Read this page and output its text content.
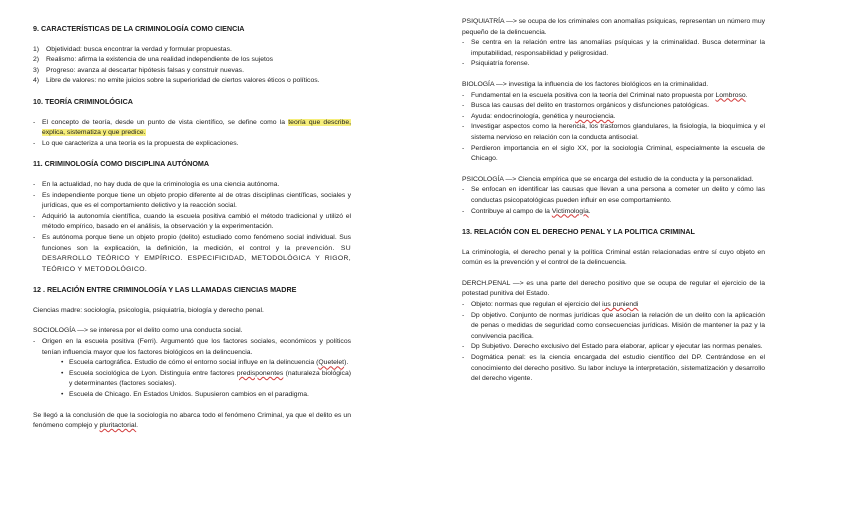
9. CARACTERÍSTICAS DE LA CRIMINOLOGÍA COMO CIENCIA

1) Objetividad: busca encontrar la verdad y formular propuestas.
2) Realismo: afirma la existencia de una realidad independiente de los sujetos
3) Progreso: avanza al descartar hipótesis falsas y construir nuevas.
4) Libre de valores: no emite juicios sobre la superioridad de ciertos valores éticos o políticos.

10. TEORÍA CRIMINOLÓGICA

- El concepto de teoría, desde un punto de vista científico, se define como la teoría que describe, explica, sistematiza y que predice.
- Lo que caracteriza a una teoría es la propuesta de explicaciones.

11. CRIMINOLOGÍA COMO DISCIPLINA AUTÓNOMA

- En la actualidad, no hay duda de que la criminología es una ciencia autónoma.
- Es independiente porque tiene un objeto propio diferente al de otras disciplinas científicas, sociales y jurídicas, que es el comportamiento delictivo y la reacción social.
- Adquirió la autonomía científica, cuando la escuela positiva cambió el método tradicional y utilizó el método empírico, basado en el análisis, la observación y la experimentación.
- Es autónoma porque tiene un objeto propio (delito) estudiado como fenómeno social individual. Sus funciones son la explicación, la definición, la medición, el control y la prevención. SU DESARROLLO TEÓRICO Y EMPÍRICO. ESPECIFICIDAD, METODOLÓGICA Y RIGOR, TEÓRICO Y METODOLÓGICO.

12 . RELACIÓN ENTRE CRIMINOLOGÍA Y LAS LLAMADAS CIENCIAS MADRE

Ciencias madre: sociología, psicología, psiquiatría, biología y derecho penal.

SOCIOLOGÍA —> se interesa por el delito como una conducta social.

- Origen en la escuela positiva (Ferri). Argumentó que los factores sociales, económicos y políticos tenían influencia mayor que los factores biológicos en la delincuencia.
• Escuela cartográfica. Estudio de cómo el entorno social influye en la delincuencia (Quetelet).
• Escuela sociológica de Lyon. Distinguía entre factores predisponentes (naturaleza biológica) y determinantes (factores sociales).
• Escuela de Chicago. En Estados Unidos. Supusieron cambios en el paradigma.

Se llegó a la conclusión de que la sociología no abarca todo el fenómeno Criminal, ya que el delito es un fenómeno complejo y pluritactorial.

PSIQUIATRÍA —> se ocupa de los criminales con anomalías psíquicas, representan un número muy pequeño de la delincuencia.

- Se centra en la relación entre las anomalías psíquicas y la criminalidad. Busca determinar la imputabilidad, responsabilidad y peligrosidad.
- Psiquiatría forense.

BIOLOGÍA —> investiga la influencia de los factores biológicos en la criminalidad.

- Fundamental en la escuela positiva con la teoría del Criminal nato propuesta por Lombroso.
- Busca las causas del delito en trastornos orgánicos y disfunciones patológicas.
- Ayuda: endocrinología, genética y neurociencia.
- Investigar aspectos como la herencia, los trastornos glandulares, la fisiología, la bioquímica y el sistema nervioso en relación con la conducta antisocial.
- Perdieron importancia en el siglo XX, por la sociología Criminal, especialmente la escuela de Chicago.

PSICOLOGÍA —> Ciencia empírica que se encarga del estudio de la conducta y la personalidad.

- Se enfocan en identificar las causas que llevan a una persona a cometer un delito y cómo las conductas psicopatológicas pueden influir en ese comportamiento.
- Contribuye al campo de la Victimología.

13. RELACIÓN CON EL DERECHO PENAL Y LA POLITICA CRIMINAL

La criminología, el derecho penal y la política Criminal están relacionadas entre sí cuyo objeto en común es la prevención y el control de la delincuencia.

DERCH.PENAL —> es una parte del derecho positivo que se ocupa de regular el ejercicio de la potestad punitiva del Estado.

- Objeto: normas que regulan el ejercicio del ius puniendi
- Dp objetivo. Conjunto de normas jurídicas que asocian la relación de un delito con la aplicación de penas o medidas de seguridad como consecuencias jurídicas. Misión de mantener la paz y la convivencia pacífica.
- Dp Subjetivo. Derecho exclusivo del Estado para elaborar, aplicar y ejecutar las normas penales.
- Dogmática penal: es la ciencia encargada del estudio científico del DP. Centrándose en el conocimiento del derecho positivo. Su labor incluye la interpretación, sistematización y desarrollo del derecho vigente.
